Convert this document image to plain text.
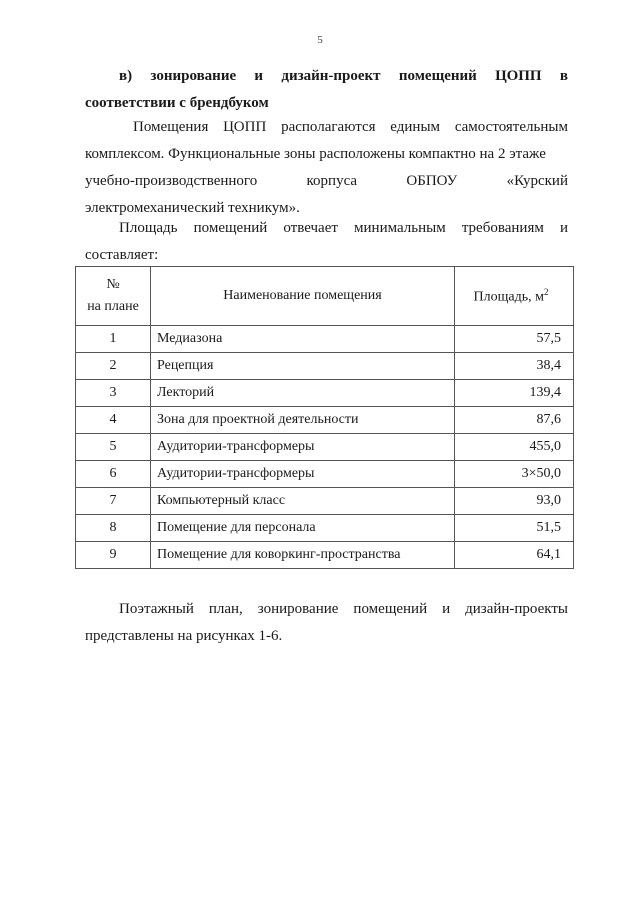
5
в) зонирование и дизайн-проект помещений ЦОПП в
соответствии с брендбуком
Помещения ЦОПП располагаются единым самостоятельным
комплексом. Функциональные зоны расположены компактно на 2 этаже
учебно-производственного	корпуса	ОБПОУ	«Курский
электромеханический техникум».
Площадь помещений отвечает минимальным требованиям и
составляет:
№
на плане	Наименование помещения	Площадь, $м^2$
1	Медиазона	57,5
2	Рецепция	38,4
3	Лекторий	139,4
4	Зона для проектной деятельности	87,6
5	Аудитории-трансформеры	455,0
6	Аудитории-трансформеры	3×50,0
7	Компьютерный класс	93,0
8	Помещение для персонала	51,5
9	Помещение для коворкинг-пространства	64,1
Поэтажный план, зонирование помещений и дизайн-проекты
представлены на рисунках 1-6.
